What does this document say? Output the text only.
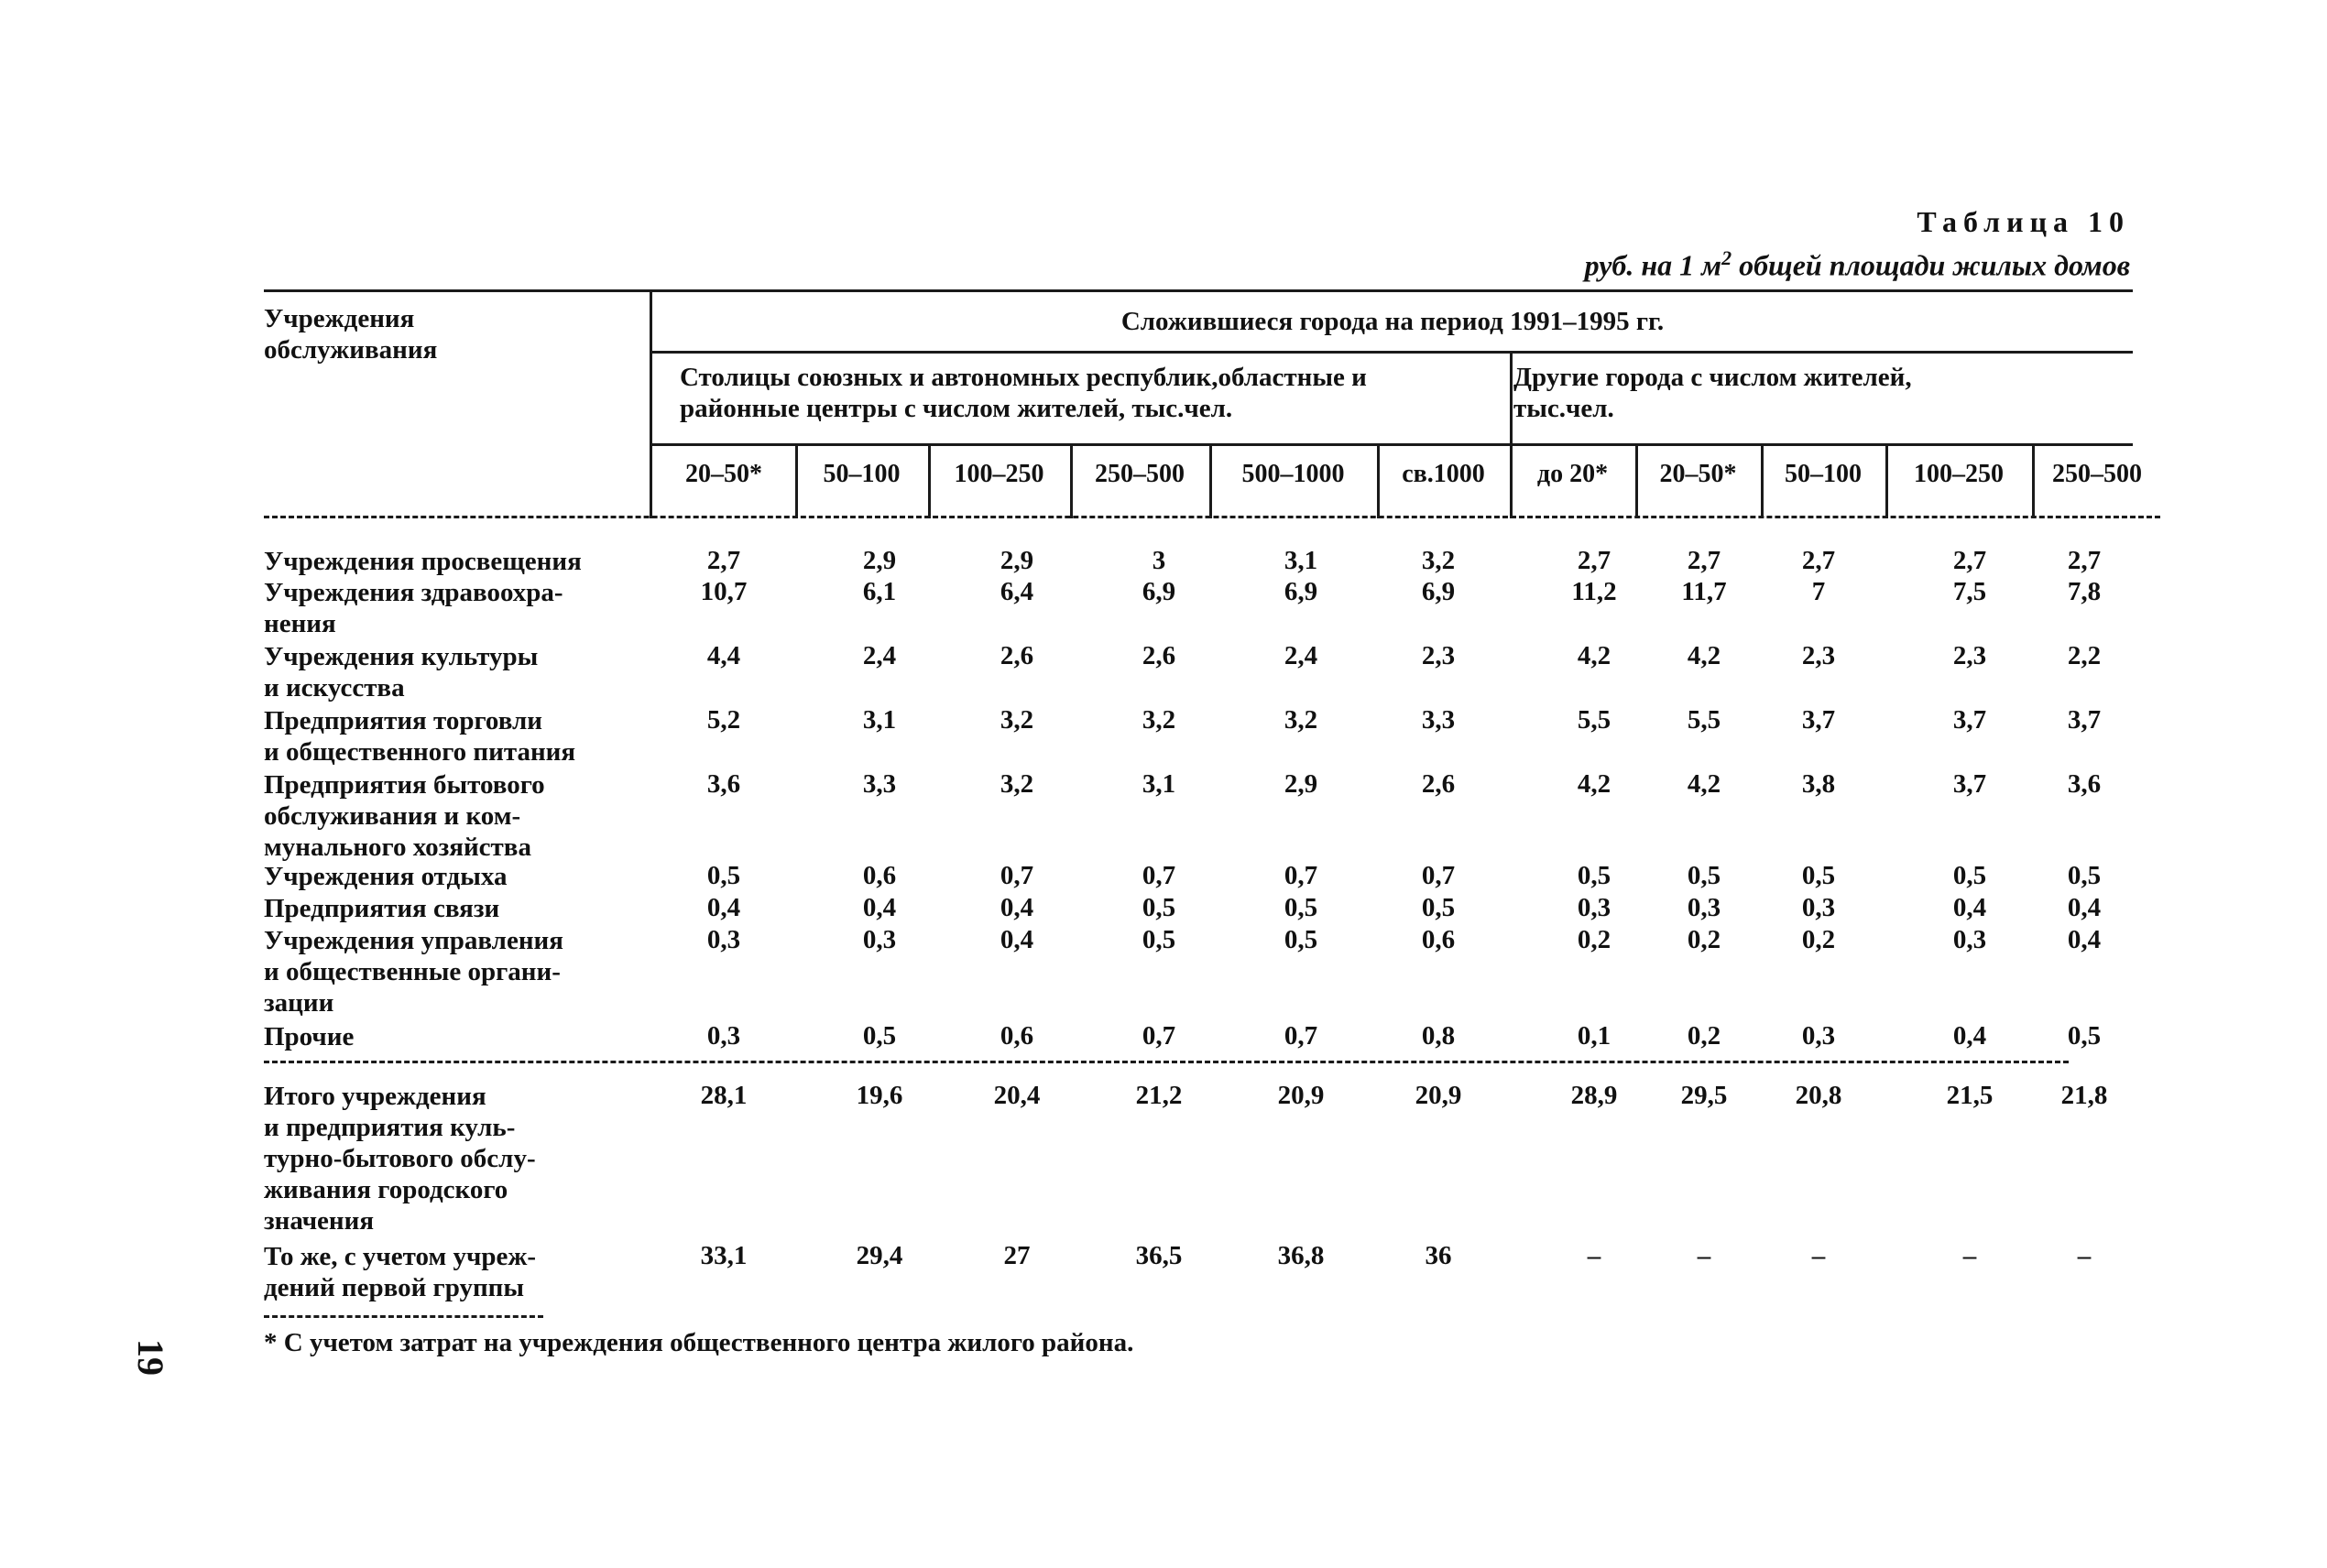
Таблица 10
руб. на 1 $м^2$ общей площади жилых домов
Учреждения обслуживания
Сложившиеся города на период 1991–1995 гг.
Столицы союзных и автономных республик,областные и районные центры с числом жителей, тыс.чел.
Другие города с числом жителей, тыс.чел.
20–50*	50–100	100–250	250–500	500–1000	св.1000	до 20*	20–50*	50–100	100–250	250–500
Учреждения просвещения	2,7	2,9	2,9	3	3,1	3,2	2,7	2,7	2,7	2,7	2,7
Учреждения здравоохра-
нения
10,7	6,1	6,4	6,9	6,9	6,9	11,2	11,7	7	7,5	7,8
Учреждения культуры
и искусства
4,4	2,4	2,6	2,6	2,4	2,3	4,2	4,2	2,3	2,3	2,2
Предприятия торговли
и общественного питания
5,2	3,1	3,2	3,2	3,2	3,3	5,5	5,5	3,7	3,7	3,7
Предприятия бытового
обслуживания и ком-
мунального хозяйства
3,6	3,3	3,2	3,1	2,9	2,6	4,2	4,2	3,8	3,7	3,6
Учреждения отдыха	0,5	0,6	0,7	0,7	0,7	0,7	0,5	0,5	0,5	0,5	0,5
Предприятия связи	0,4	0,4	0,4	0,5	0,5	0,5	0,3	0,3	0,3	0,4	0,4
Учреждения управления
и общественные органи-
зации
0,3	0,3	0,4	0,5	0,5	0,6	0,2	0,2	0,2	0,3	0,4
Прочие	0,3	0,5	0,6	0,7	0,7	0,8	0,1	0,2	0,3	0,4	0,5
Итого учреждения
и предприятия куль-
турно-бытового обслу-
живания городского
значения
28,1	19,6	20,4	21,2	20,9	20,9	28,9	29,5	20,8	21,5	21,8
То же, с учетом учреж-
дений первой группы
33,1	29,4	27	36,5	36,8	36	–	–	–	–	–
19	* С учетом затрат на учреждения общественного центра жилого района.
